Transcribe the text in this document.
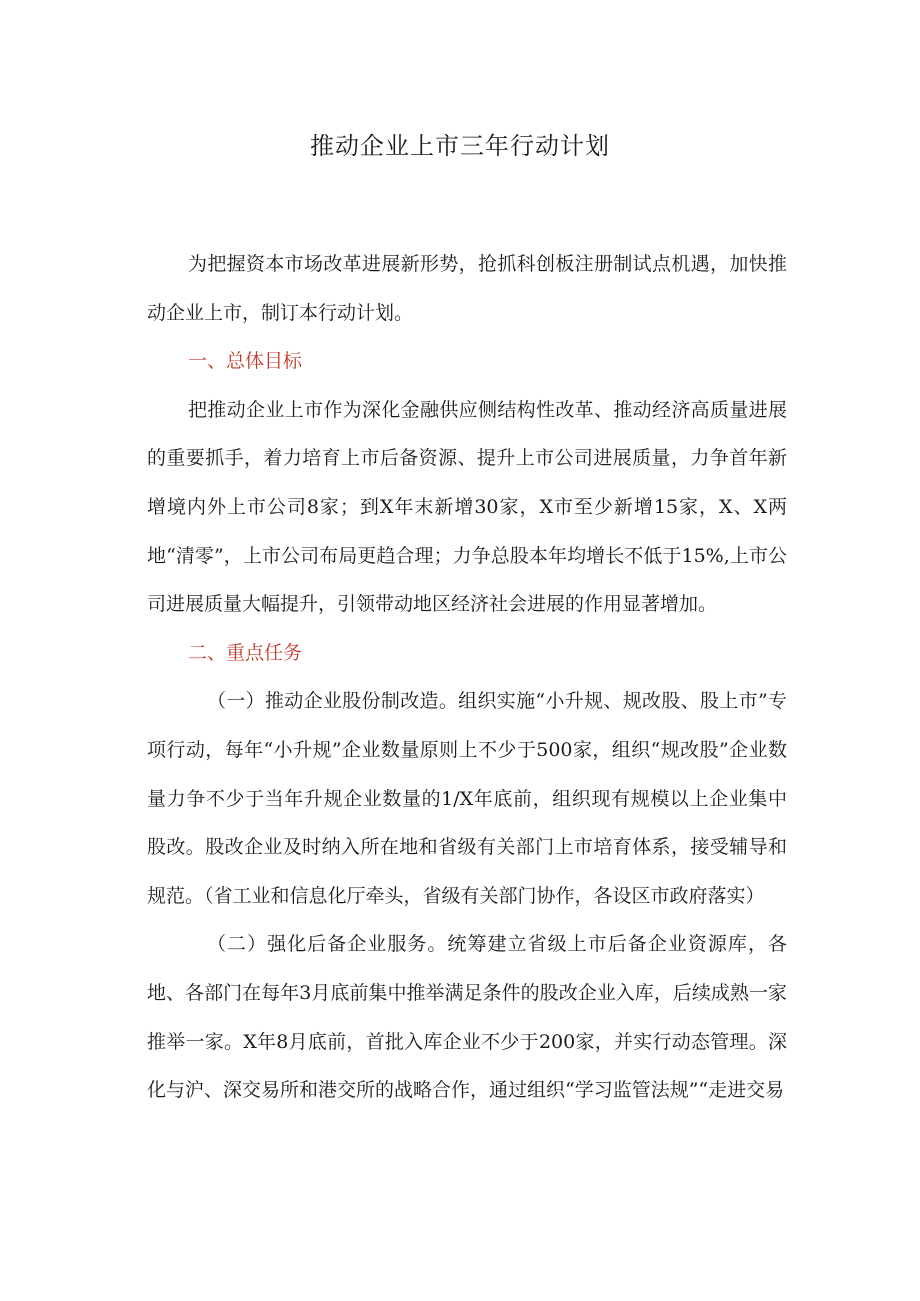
推动企业上市三年行动计划

为把握资本市场改革进展新形势，抢抓科创板注册制试点机遇，加快推动企业上市，制订本行动计划。

一、总体目标

把推动企业上市作为深化金融供应侧结构性改革、推动经济高质量进展的重要抓手，着力培育上市后备资源、提升上市公司进展质量，力争首年新增境内外上市公司8家；到X年末新增30家，X市至少新增15家，X、X两地“清零”，上市公司布局更趋合理；力争总股本年均增长不低于15%,上市公司进展质量大幅提升，引领带动地区经济社会进展的作用显著增加。

二、重点任务

（一）推动企业股份制改造。组织实施“小升规、规改股、股上市”专项行动，每年“小升规”企业数量原则上不少于500家，组织“规改股”企业数量力争不少于当年升规企业数量的1/X年底前，组织现有规模以上企业集中股改。股改企业及时纳入所在地和省级有关部门上市培育体系，接受辅导和规范。（省工业和信息化厅牵头，省级有关部门协作，各设区市政府落实）

（二）强化后备企业服务。统筹建立省级上市后备企业资源库，各地、各部门在每年3月底前集中推举满足条件的股改企业入库，后续成熟一家推举一家。X年8月底前，首批入库企业不少于200家，并实行动态管理。深化与沪、深交易所和港交所的战略合作，通过组织“学习监管法规”“走进交易
